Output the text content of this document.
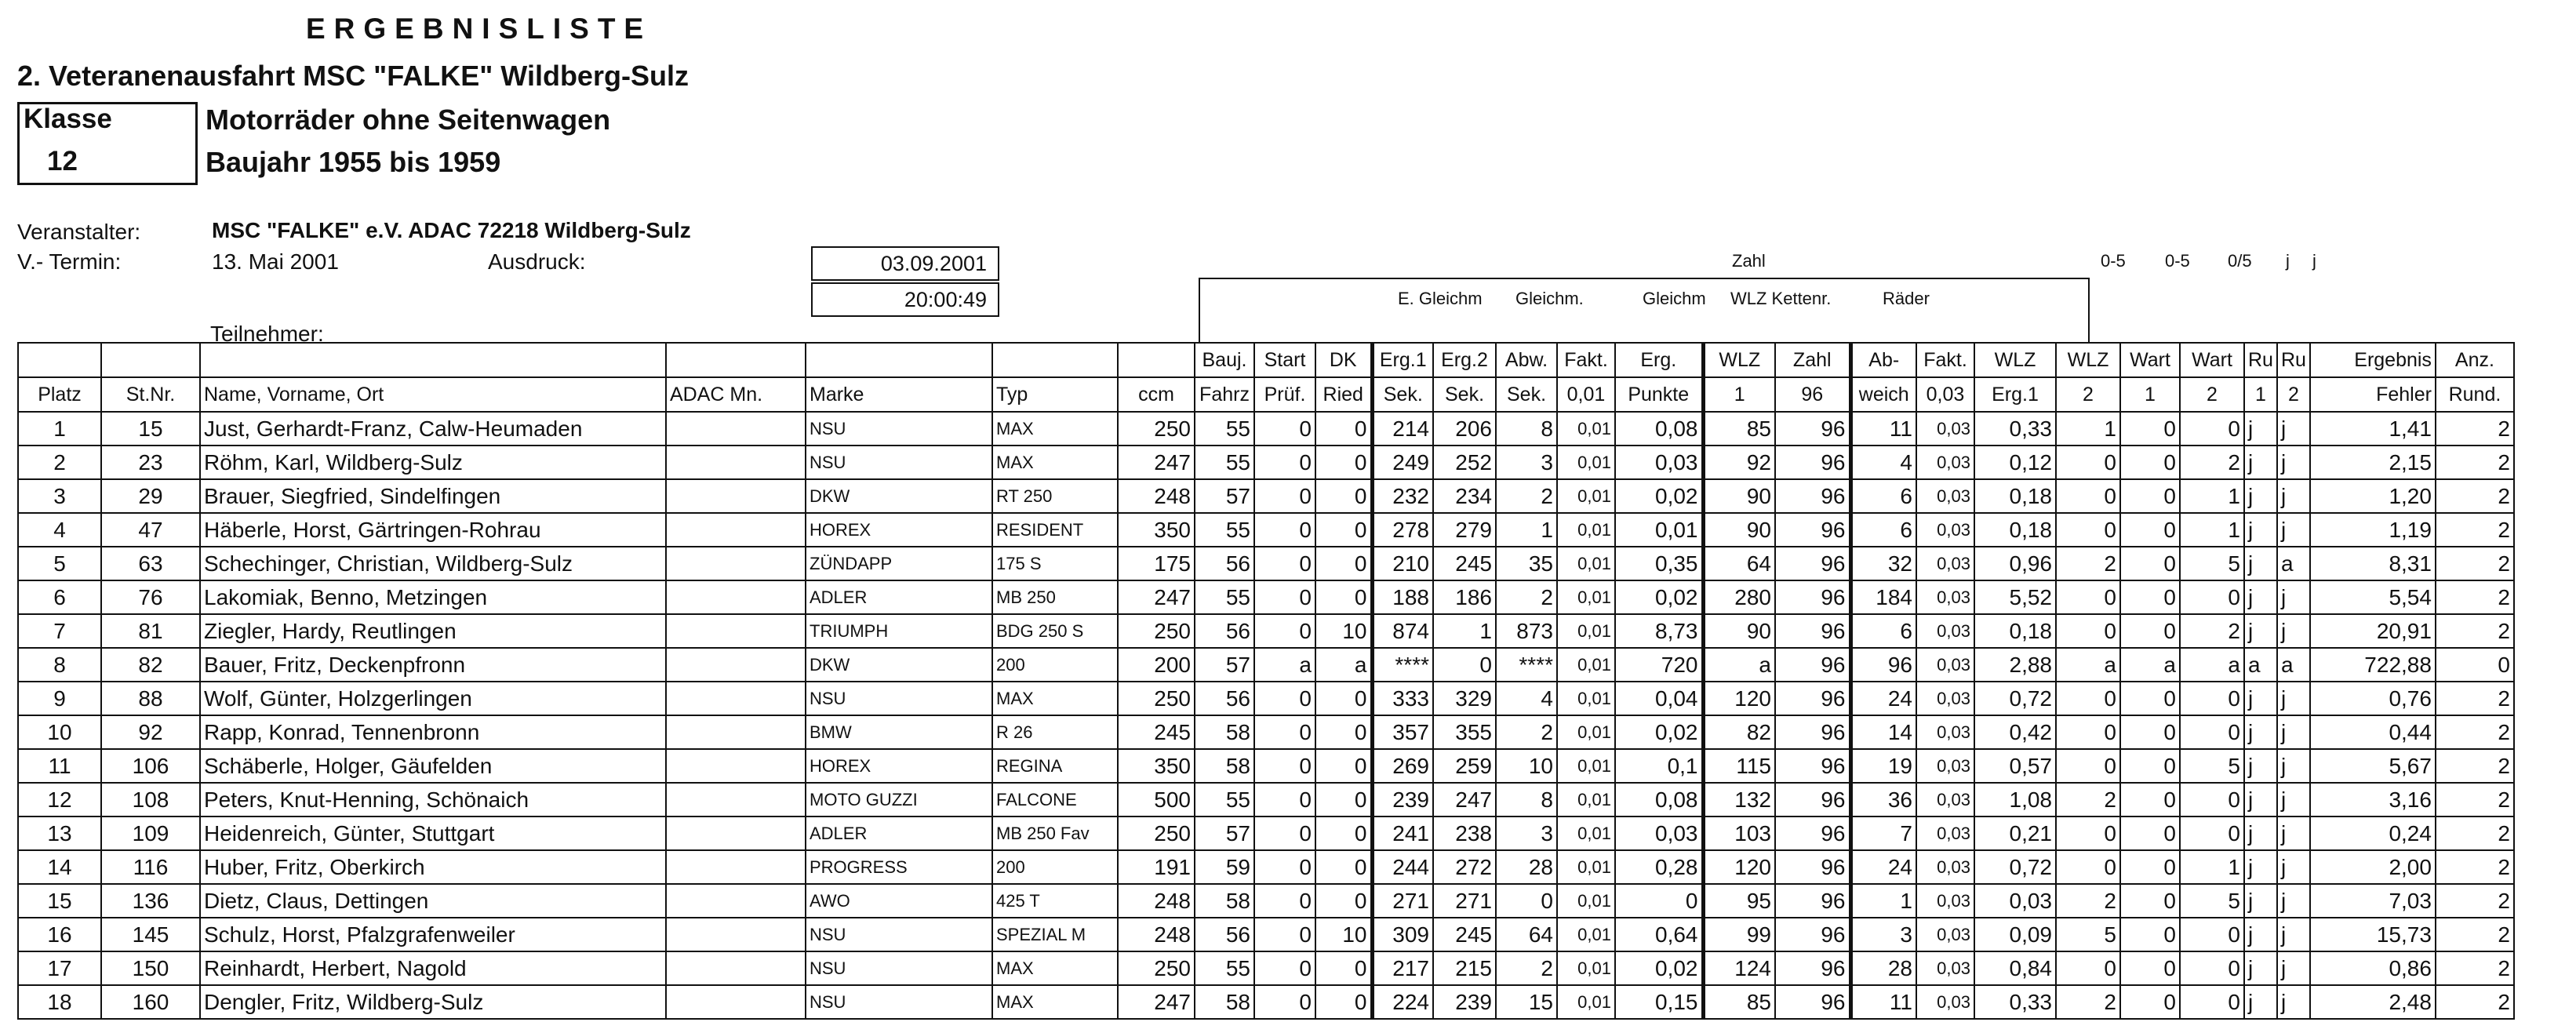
ERGEBNISLISTE
2. Veteranenausfahrt MSC "FALKE" Wildberg-Sulz
Klasse
12
Motorräder ohne Seitenwagen
Baujahr 1955 bis 1959
Veranstalter:	MSC "FALKE" e.V. ADAC 72218 Wildberg-Sulz
V.- Termin:	13. Mai 2001	Ausdruck:	03.09.2001
20:00:49
Teilnehmer:
Zahl	0-5 0-5 0/5 j j
E. Gleichm Gleichm.	Gleichm WLZ Kettenr.	Räder
							Bauj.	Start	DK	Erg.1	Erg.2	Abw.	Fakt.	Erg.	WLZ	Zahl	Ab-	Fakt.	WLZ	WLZ	Wart	Wart	Ru	Ru	Ergebnis	Anz.
Platz	St.Nr.	Name, Vorname, Ort	ADAC Mn.	Marke	Typ	ccm	Fahrz	Prüf.	Ried	Sek.	Sek.	Sek.	0,01	Punkte	1	96	weich	0,03	Erg.1	2	1	2	1	2	Fehler	Rund.
1	15	Just, Gerhardt-Franz, Calw-Heumaden		NSU	MAX	250	55	0	0	214	206	8	0,01	0,08	85	96	11	0,03	0,33	1	0	0	j	j	1,41	2
2	23	Röhm, Karl, Wildberg-Sulz		NSU	MAX	247	55	0	0	249	252	3	0,01	0,03	92	96	4	0,03	0,12	0	0	2	j	j	2,15	2
3	29	Brauer, Siegfried, Sindelfingen		DKW	RT 250	248	57	0	0	232	234	2	0,01	0,02	90	96	6	0,03	0,18	0	0	1	j	j	1,20	2
4	47	Häberle, Horst, Gärtringen-Rohrau		HOREX	RESIDENT	350	55	0	0	278	279	1	0,01	0,01	90	96	6	0,03	0,18	0	0	1	j	j	1,19	2
5	63	Schechinger, Christian, Wildberg-Sulz		ZÜNDAPP	175 S	175	56	0	0	210	245	35	0,01	0,35	64	96	32	0,03	0,96	2	0	5	j	a	8,31	2
6	76	Lakomiak, Benno, Metzingen		ADLER	MB 250	247	55	0	0	188	186	2	0,01	0,02	280	96	184	0,03	5,52	0	0	0	j	j	5,54	2
7	81	Ziegler, Hardy, Reutlingen		TRIUMPH	BDG 250 S	250	56	0	10	874	1	873	0,01	8,73	90	96	6	0,03	0,18	0	0	2	j	j	20,91	2
8	82	Bauer, Fritz, Deckenpfronn		DKW	200	200	57	a	a	****	0	****	0,01	720	a	96	96	0,03	2,88	a	a	a	a	a	722,88	0
9	88	Wolf, Günter, Holzgerlingen		NSU	MAX	250	56	0	0	333	329	4	0,01	0,04	120	96	24	0,03	0,72	0	0	0	j	j	0,76	2
10	92	Rapp, Konrad, Tennenbronn		BMW	R 26	245	58	0	0	357	355	2	0,01	0,02	82	96	14	0,03	0,42	0	0	0	j	j	0,44	2
11	106	Schäberle, Holger, Gäufelden		HOREX	REGINA	350	58	0	0	269	259	10	0,01	0,1	115	96	19	0,03	0,57	0	0	5	j	j	5,67	2
12	108	Peters, Knut-Henning, Schönaich		MOTO GUZZI	FALCONE	500	55	0	0	239	247	8	0,01	0,08	132	96	36	0,03	1,08	2	0	0	j	j	3,16	2
13	109	Heidenreich, Günter, Stuttgart		ADLER	MB 250 Fav	250	57	0	0	241	238	3	0,01	0,03	103	96	7	0,03	0,21	0	0	0	j	j	0,24	2
14	116	Huber, Fritz, Oberkirch		PROGRESS	200	191	59	0	0	244	272	28	0,01	0,28	120	96	24	0,03	0,72	0	0	1	j	j	2,00	2
15	136	Dietz, Claus, Dettingen		AWO	425 T	248	58	0	0	271	271	0	0,01	0	95	96	1	0,03	0,03	2	0	5	j	j	7,03	2
16	145	Schulz, Horst, Pfalzgrafenweiler		NSU	SPEZIAL M	248	56	0	10	309	245	64	0,01	0,64	99	96	3	0,03	0,09	5	0	0	j	j	15,73	2
17	150	Reinhardt, Herbert, Nagold		NSU	MAX	250	55	0	0	217	215	2	0,01	0,02	124	96	28	0,03	0,84	0	0	0	j	j	0,86	2
18	160	Dengler, Fritz, Wildberg-Sulz		NSU	MAX	247	58	0	0	224	239	15	0,01	0,15	85	96	11	0,03	0,33	2	0	0	j	j	2,48	2
